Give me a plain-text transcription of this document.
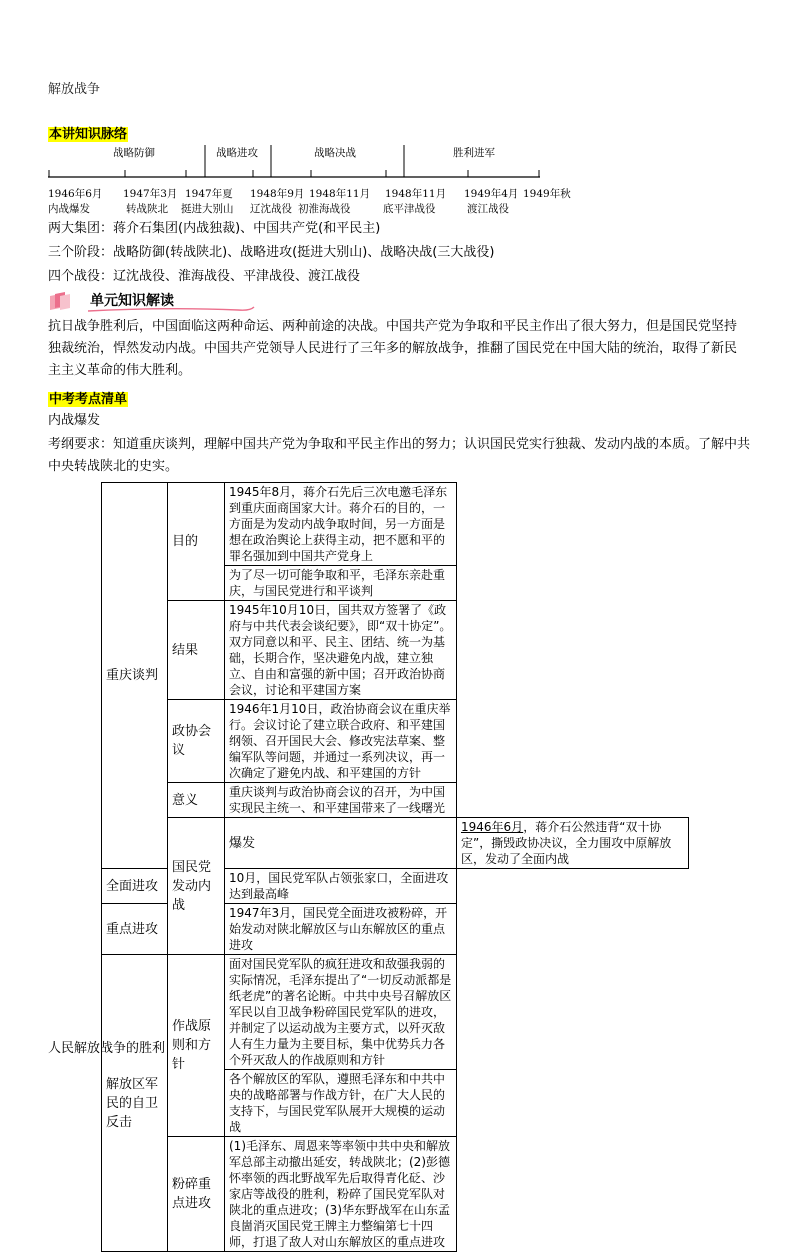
解放战争
本讲知识脉络
战略防御	战略进攻	战略决战	胜利进军
1946年6月 1947年3月 1947年夏 1948年9月 1948年11月 1948年11月 1949年4月 1949年秋
内战爆发	转战陕北 挺进大别山 辽沈战役 初淮海战役	底平津战役	渡江战役
两大集团：蒋介石集团(内战独裁)、中国共产党(和平民主)
三个阶段：战略防御(转战陕北)、战略进攻(挺进大别山)、战略决战(三大战役)
四个战役：辽沈战役、淮海战役、平津战役、渡江战役
单元知识解读
抗日战争胜利后，中国面临这两种命运、两种前途的决战。中国共产党为争取和平民主作出了很大努力，但是国民党坚持独裁统治，悍然发动内战。中国共产党领导人民进行了三年多的解放战争，推翻了国民党在中国大陆的统治，取得了新民主主义革命的伟大胜利。
中考考点清单
内战爆发
考纲要求：知道重庆谈判，理解中国共产党为争取和平民主作出的努力；认识国民党实行独裁、发动内战的本质。了解中共中央转战陕北的史实。
重庆谈判	目的	1945年8月，蒋介石先后三次电邀毛泽东到重庆面商国家大计。蒋介石的目的，一方面是为发动内战争取时间，另一方面是想在政治舆论上获得主动，把不愿和平的罪名强加到中国共产党身上	
		为了尽一切可能争取和平，毛泽东亲赴重庆，与国民党进行和平谈判	
	结果	1945年10月10日，国共双方签署了《政府与中共代表会谈纪要》，即“双十协定”。双方同意以和平、民主、团结、统一为基础，长期合作，坚决避免内战，建立独立、自由和富强的新中国；召开政治协商会议，讨论和平建国方案	
	政协会议	1946年1月10日，政治协商会议在重庆举行。会议讨论了建立联合政府、和平建国纲领、召开国民大会、修改宪法草案、整编军队等问题，并通过一系列决议，再一次确定了避免内战、和平建国的方针	
	意义	重庆谈判与政治协商会议的召开，为中国实现民主统一、和平建国带来了一线曙光	
	国民党发动内战	爆发	1946年6月，蒋介石公然违背“双十协定”，撕毁政协决议，全力围攻中原解放区，发动了全面内战
全面进攻		10月，国民党军队占领张家口，全面进攻达到最高峰	
重点进攻		1947年3月，国民党全面进攻被粉碎，开始发动对陕北解放区与山东解放区的重点进攻	
解放区军民的自卫反击	作战原则和方针	面对国民党军队的疯狂进攻和敌强我弱的实际情况，毛泽东提出了“一切反动派都是纸老虎”的著名论断。中共中央号召解放区军民以自卫战争粉碎国民党军队的进攻，并制定了以运动战为主要方式，以歼灭敌人有生力量为主要目标，集中优势兵力各个歼灭敌人的作战原则和方针	
		各个解放区的军队，遵照毛泽东和中共中央的战略部署与作战方针，在广大人民的支持下，与国民党军队展开大规模的运动战	
	粉碎重点进攻	(1)毛泽东、周恩来等率领中共中央和解放军总部主动撤出延安，转战陕北；(2)彭德怀率领的西北野战军先后取得青化砭、沙家店等战役的胜利，粉碎了国民党军队对陕北的重点进攻；(3)华东野战军在山东孟良崮消灭国民党王牌主力整编第七十四师，打退了敌人对山东解放区的重点进攻	
人民解放战争的胜利
